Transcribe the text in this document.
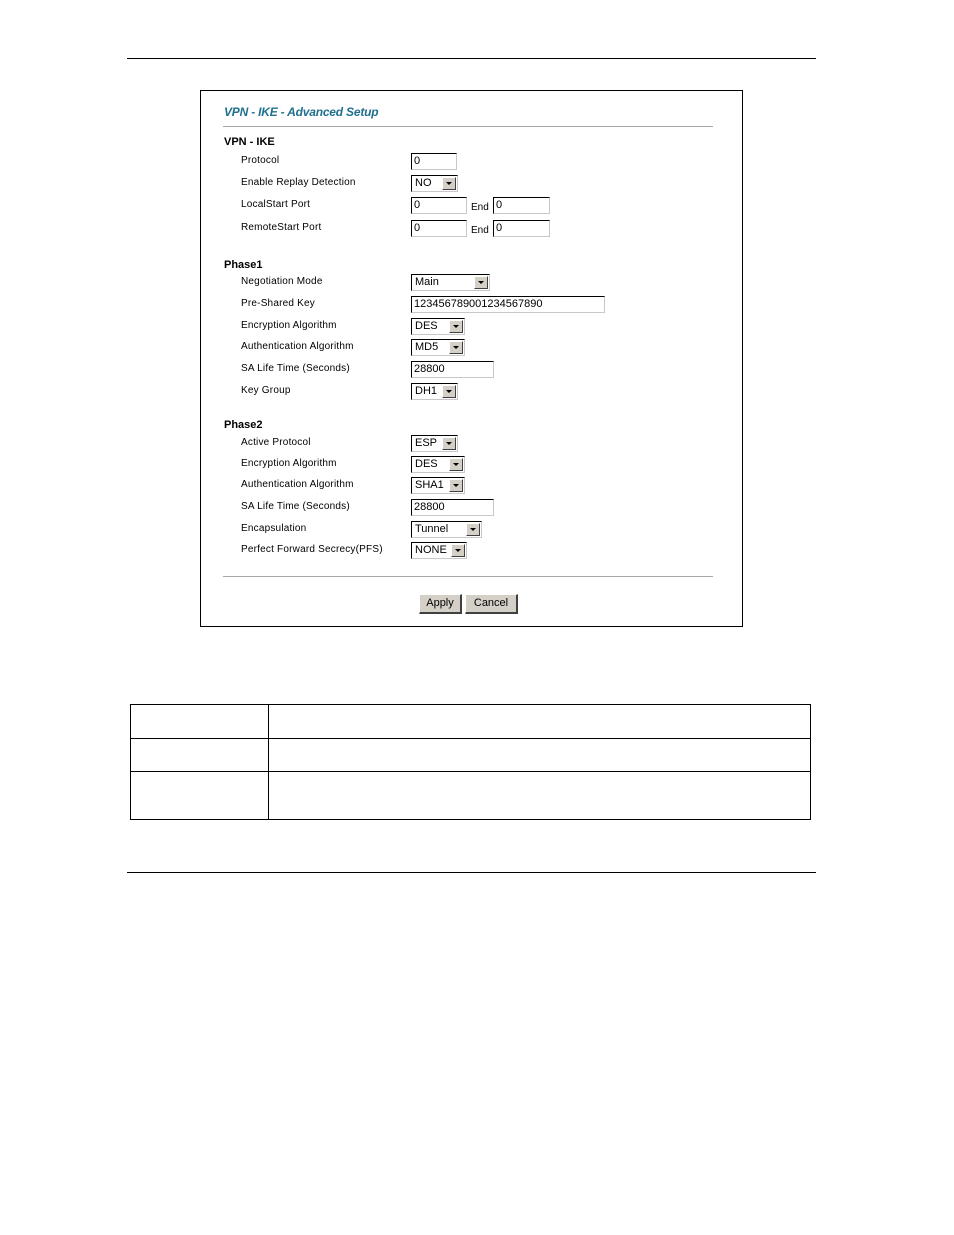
VPN - IKE - Advanced Setup
VPN - IKE
Protocol	0
Enable Replay Detection	NO
LocalStart Port	0	End 0
RemoteStart Port	0	End 0
Phase1
Negotiation Mode	Main
Pre-Shared Key	12345678900123456789​0
Encryption Algorithm	DES
Authentication Algorithm	MD5
SA Life Time (Seconds)	28800
Key Group	DH1
Phase2
Active Protocol	ESP
Encryption Algorithm	DES
Authentication Algorithm	SHA1
SA Life Time (Seconds)	28800
Encapsulation	Tunnel
Perfect Forward Secrecy(PFS)	NONE
Apply	Cancel
